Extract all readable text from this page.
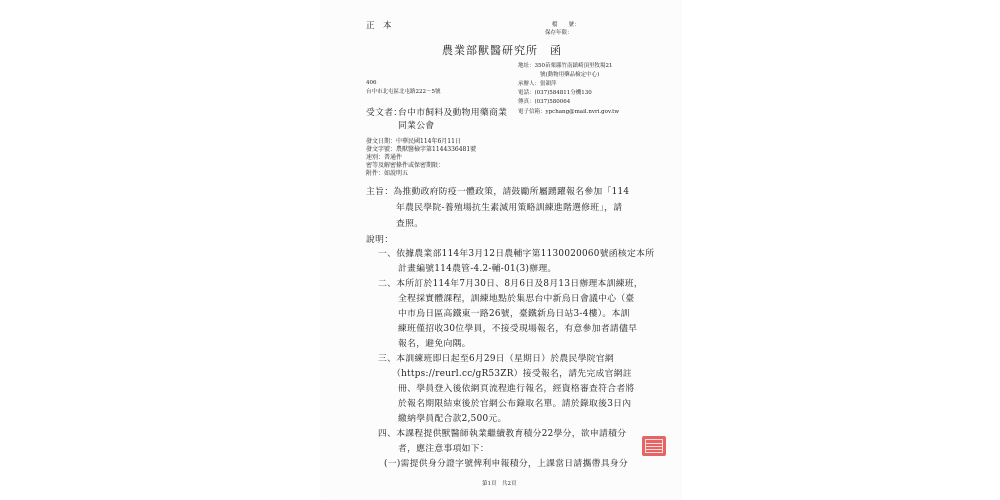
正　本	檔　　號：
保存年限：
農業部獸醫研究所　函
地址：350苗栗縣竹南鎮崎頂里牧場21
號(動物用藥品檢定中心)
承辦人：張韻萍
電話：(037)584811分機130
傳真：(037)580064
406
台中市北屯區北屯路222－5號
受文者：
台中市飼料及動物用藥商業
同業公會
電子信箱：ypchang@mail.nvri.gov.tw
發文日期：中華民國114年6月11日
發文字號：農獸醫檢字第1144336481號
速別：普通件
密等及解密條件或保密期限：
附件：如說明五
主旨：為推動政府防疫一體政策，請鼓勵所屬踴躍報名參加「114
年農民學院-養殖場抗生素減用策略訓練進階選修班」，請
查照。
說明：
一、依據農業部114年3月12日農輔字第1130020060號函核定本所
計畫編號114農管-4.2-輔-01(3)辦理。
二、本所訂於114年7月30日、8月6日及8月13日辦理本訓練班，
全程採實體課程，訓練地點於集思台中新烏日會議中心（臺
中市烏日區高鐵東一路26號，臺鐵新烏日站3-4樓）。本訓
練班僅招收30位學員，不接受現場報名，有意參加者請儘早
報名，避免向隅。
三、本訓練班即日起至6月29日（星期日）於農民學院官網
（https://reurl.cc/gR53ZR）接受報名，請先完成官網註
冊、學員登入後依網頁流程進行報名，經資格審查符合者將
於報名期限結束後於官網公布錄取名單。請於錄取後3日內
繳納學員配合款2,500元。
四、本課程提供獸醫師執業繼續教育積分22學分，欲申請積分
者，應注意事項如下：
(一)需提供身分證字號俾利申報積分，上課當日請攜帶具身分
第1頁　共2頁
